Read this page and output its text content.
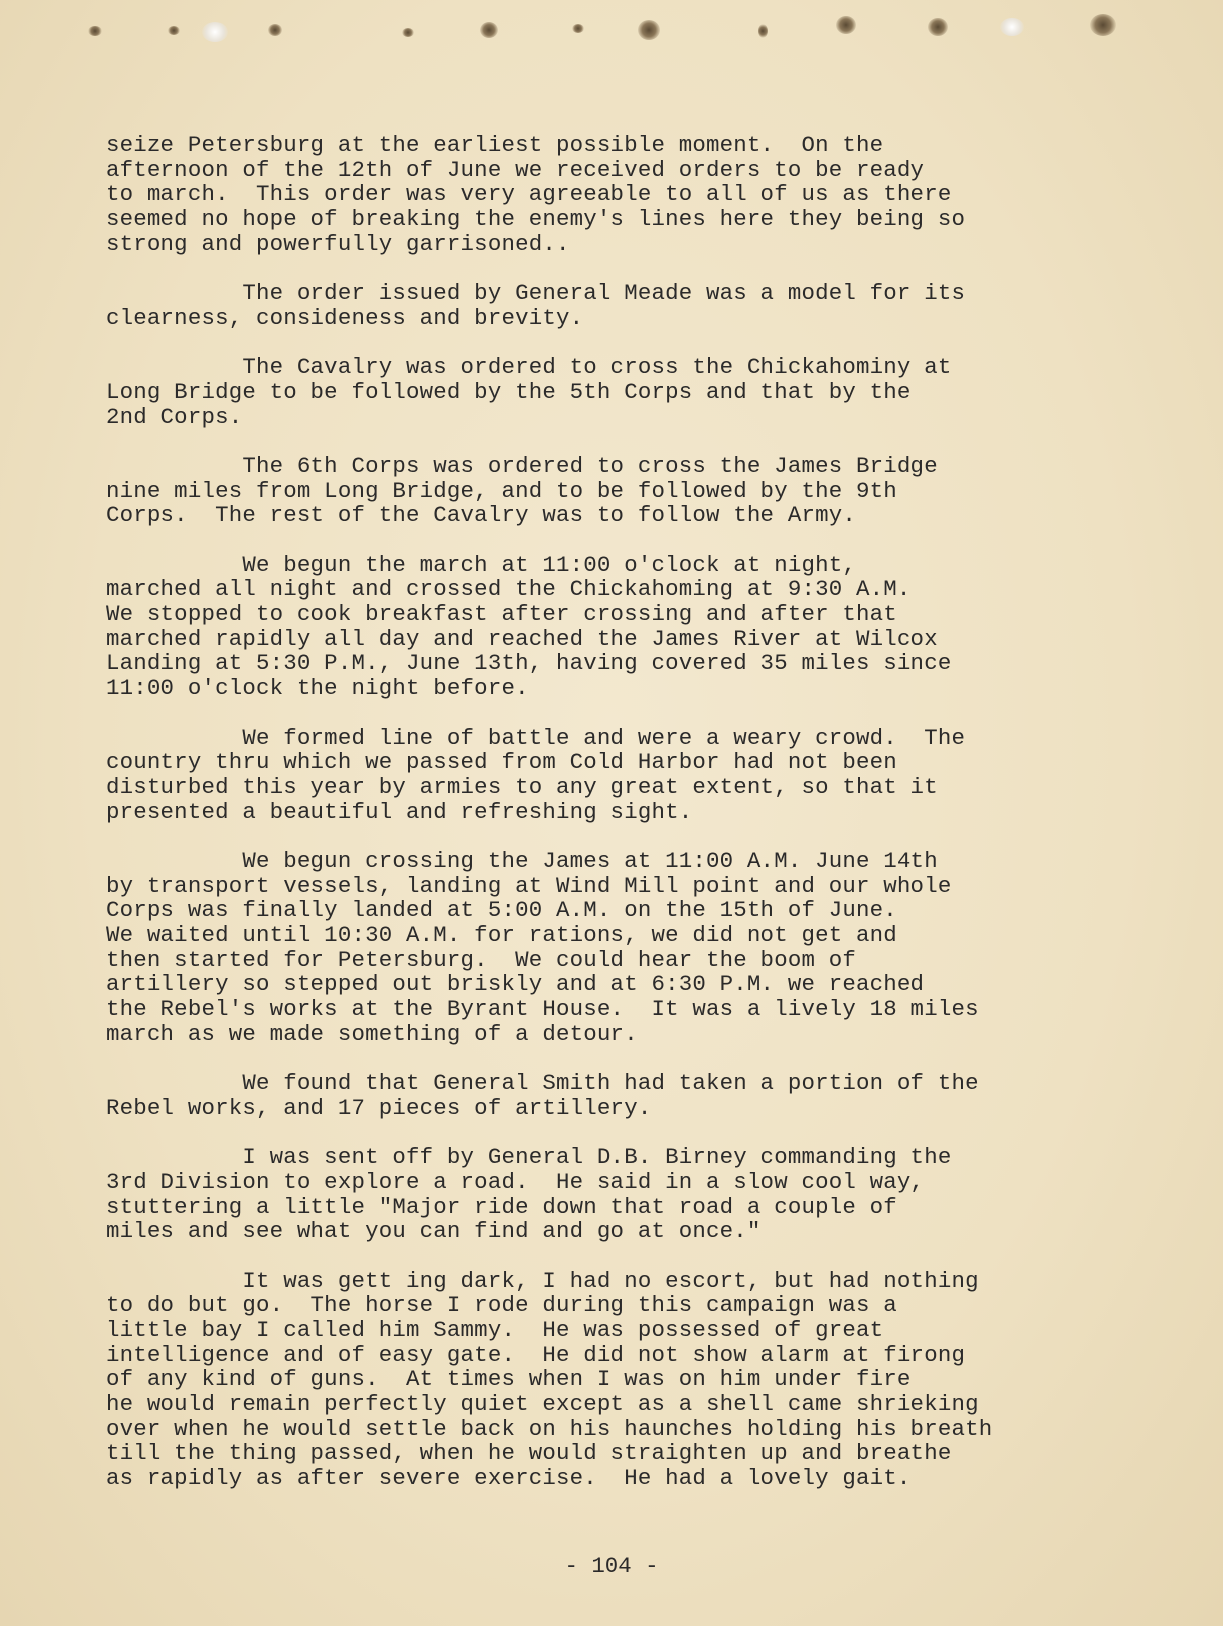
seize Petersburg at the earliest possible moment.  On the
afternoon of the 12th of June we received orders to be ready
to march.  This order was very agreeable to all of us as there
seemed no hope of breaking the enemy's lines here they being so
strong and powerfully garrisoned..
The order issued by General Meade was a model for its
clearness, consideness and brevity.
The Cavalry was ordered to cross the Chickahominy at
Long Bridge to be followed by the 5th Corps and that by the
2nd Corps.
The 6th Corps was ordered to cross the James Bridge
nine miles from Long Bridge, and to be followed by the 9th
Corps.  The rest of the Cavalry was to follow the Army.
We begun the march at 11:00 o'clock at night,
marched all night and crossed the Chickahoming at 9:30 A.M.
We stopped to cook breakfast after crossing and after that
marched rapidly all day and reached the James River at Wilcox
Landing at 5:30 P.M., June 13th, having covered 35 miles since
11:00 o'clock the night before.
We formed line of battle and were a weary crowd.  The
country thru which we passed from Cold Harbor had not been
disturbed this year by armies to any great extent, so that it
presented a beautiful and refreshing sight.
We begun crossing the James at 11:00 A.M. June 14th
by transport vessels, landing at Wind Mill point and our whole
Corps was finally landed at 5:00 A.M. on the 15th of June.
We waited until 10:30 A.M. for rations, we did not get and
then started for Petersburg.  We could hear the boom of
artillery so stepped out briskly and at 6:30 P.M. we reached
the Rebel's works at the Byrant House.  It was a lively 18 miles
march as we made something of a detour.
We found that General Smith had taken a portion of the
Rebel works, and 17 pieces of artillery.
I was sent off by General D.B. Birney commanding the
3rd Division to explore a road.  He said in a slow cool way,
stuttering a little "Major ride down that road a couple of
miles and see what you can find and go at once."
It was gett ing dark, I had no escort, but had nothing
to do but go.  The horse I rode during this campaign was a
little bay I called him Sammy.  He was possessed of great
intelligence and of easy gate.  He did not show alarm at firong
of any kind of guns.  At times when I was on him under fire
he would remain perfectly quiet except as a shell came shrieking
over when he would settle back on his haunches holding his breath
till the thing passed, when he would straighten up and breathe
as rapidly as after severe exercise.  He had a lovely gait.
- 104 -
